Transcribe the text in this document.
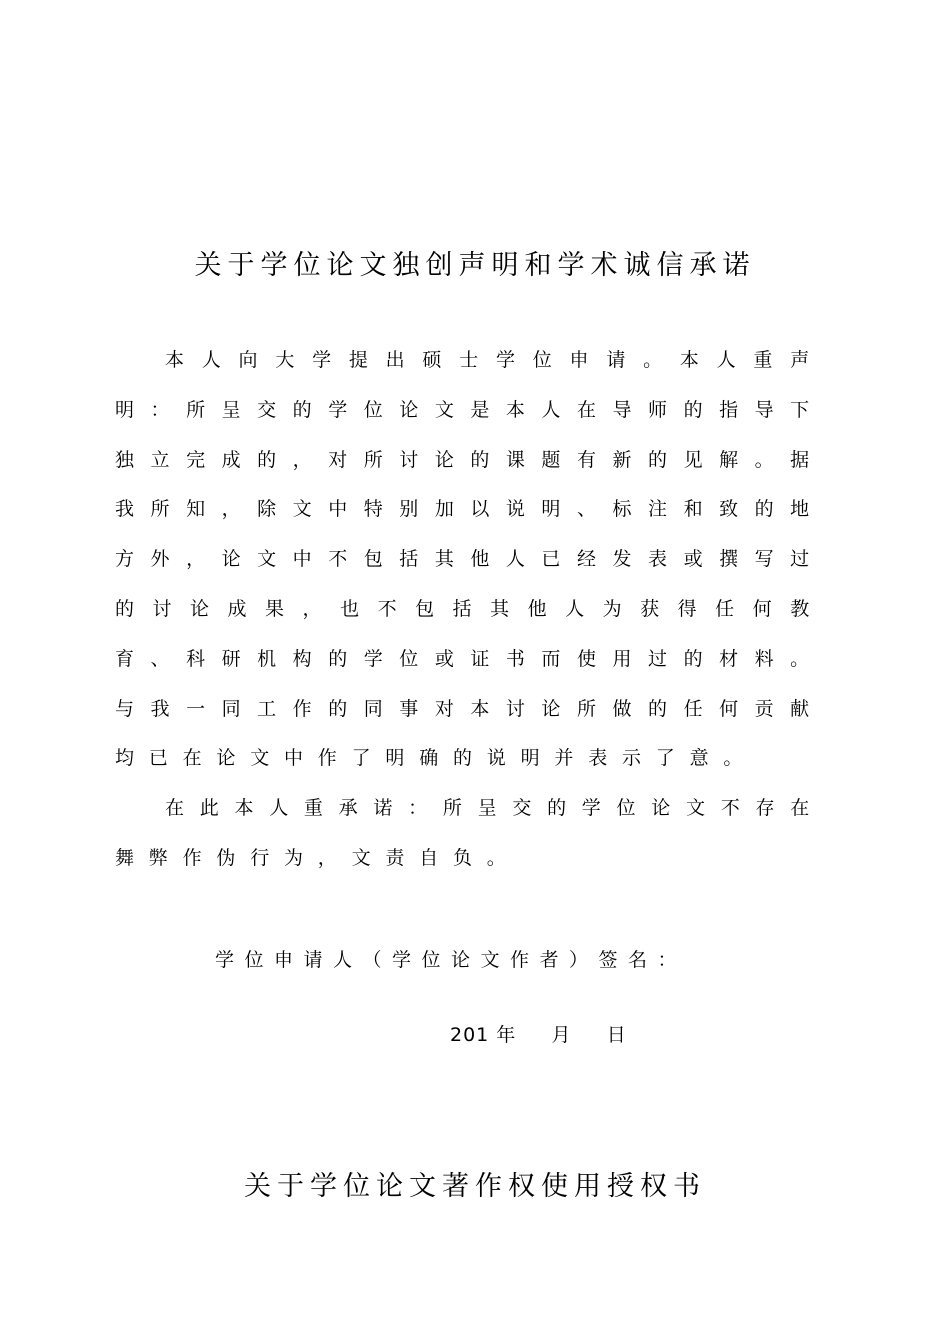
关于学位论文独创声明和学术诚信承诺
本人向大学提出硕士学位申请。本人重声明：所呈交的学位论文是本人在导师的指导下独立完成的，对所讨论的课题有新的见解。据我所知，除文中特别加以说明、标注和致的地方外，论文中不包括其他人已经发表或撰写过的讨论成果，也不包括其他人为获得任何教育、科研机构的学位或证书而使用过的材料。与我一同工作的同事对本讨论所做的任何贡献均已在论文中作了明确的说明并表示了意。
在此本人重承诺：所呈交的学位论文不存在舞弊作伪行为，文责自负。
学位申请人（学位论文作者）签名：
201 年     月     日
关于学位论文著作权使用授权书
